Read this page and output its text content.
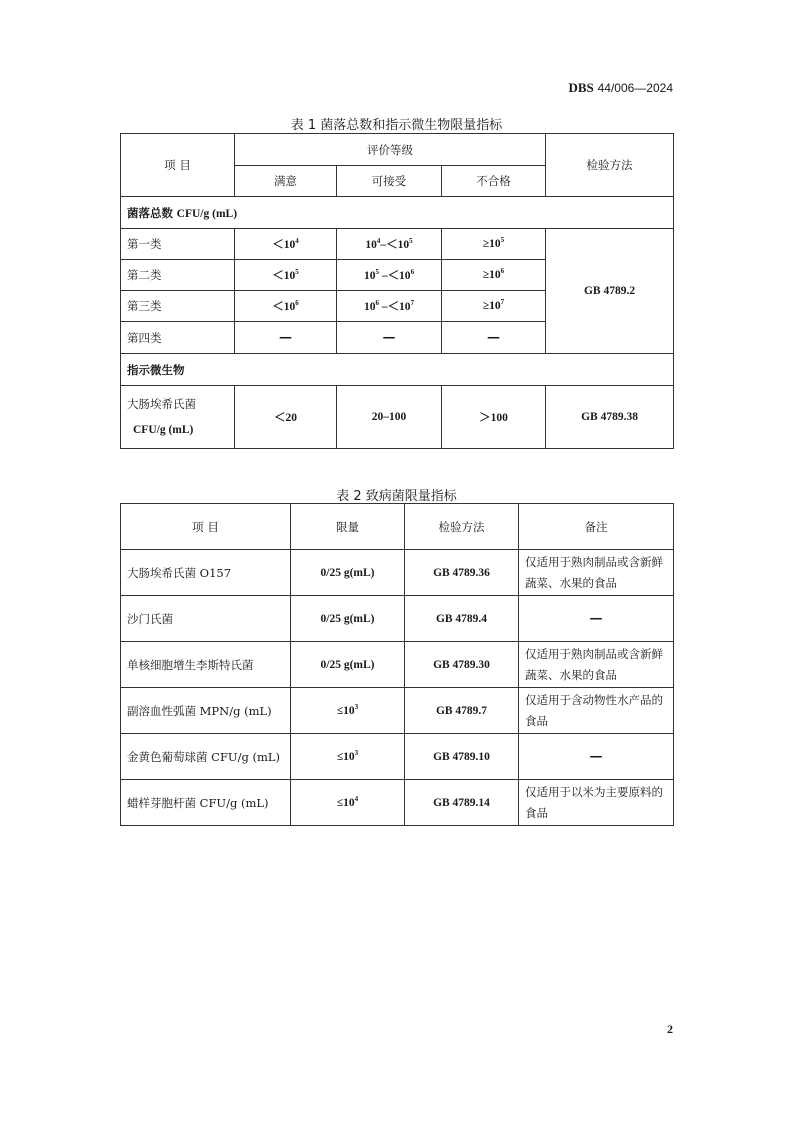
DBS 44/006—2024
表 1 菌落总数和指示微生物限量指标
项 目	评价等级			检验方法
	满意	可接受	不合格	
菌落总数 CFU/g (mL)				
第一类	$<10^4$	$10^4-<10^5$	$\ge 10^5$	GB 4789.2
第二类	$<10^5$	$10^5$ $-<10^6$	$\ge 10^6$
第三类	$<10^6$	$10^6$ $-<10^7$	$\ge 10^7$
第四类	—	—	—	
指示微生物				

大肠埃希氏菌
CFU/g (mL)	＜20	20–100	＞100	GB 4789.38
表 2 致病菌限量指标
项 目	限量	检验方法	备注
大肠埃希氏菌 O157	0/25 g(mL)	GB 4789.36	仅适用于熟肉制品或含新鲜蔬菜、水果的食品
沙门氏菌	0/25 g(mL)	GB 4789.4	—
单核细胞增生李斯特氏菌	0/25 g(mL)	GB 4789.30	仅适用于熟肉制品或含新鲜蔬菜、水果的食品
副溶血性弧菌 MPN/g (mL)	$\le 10^3$	GB 4789.7	仅适用于含动物性水产品的食品
金黄色葡萄球菌 CFU/g (mL)	$\le 10^3$	GB 4789.10	—
蜡样芽胞杆菌 CFU/g (mL)	$\le 10^4$	GB 4789.14	仅适用于以米为主要原料的食品
2
